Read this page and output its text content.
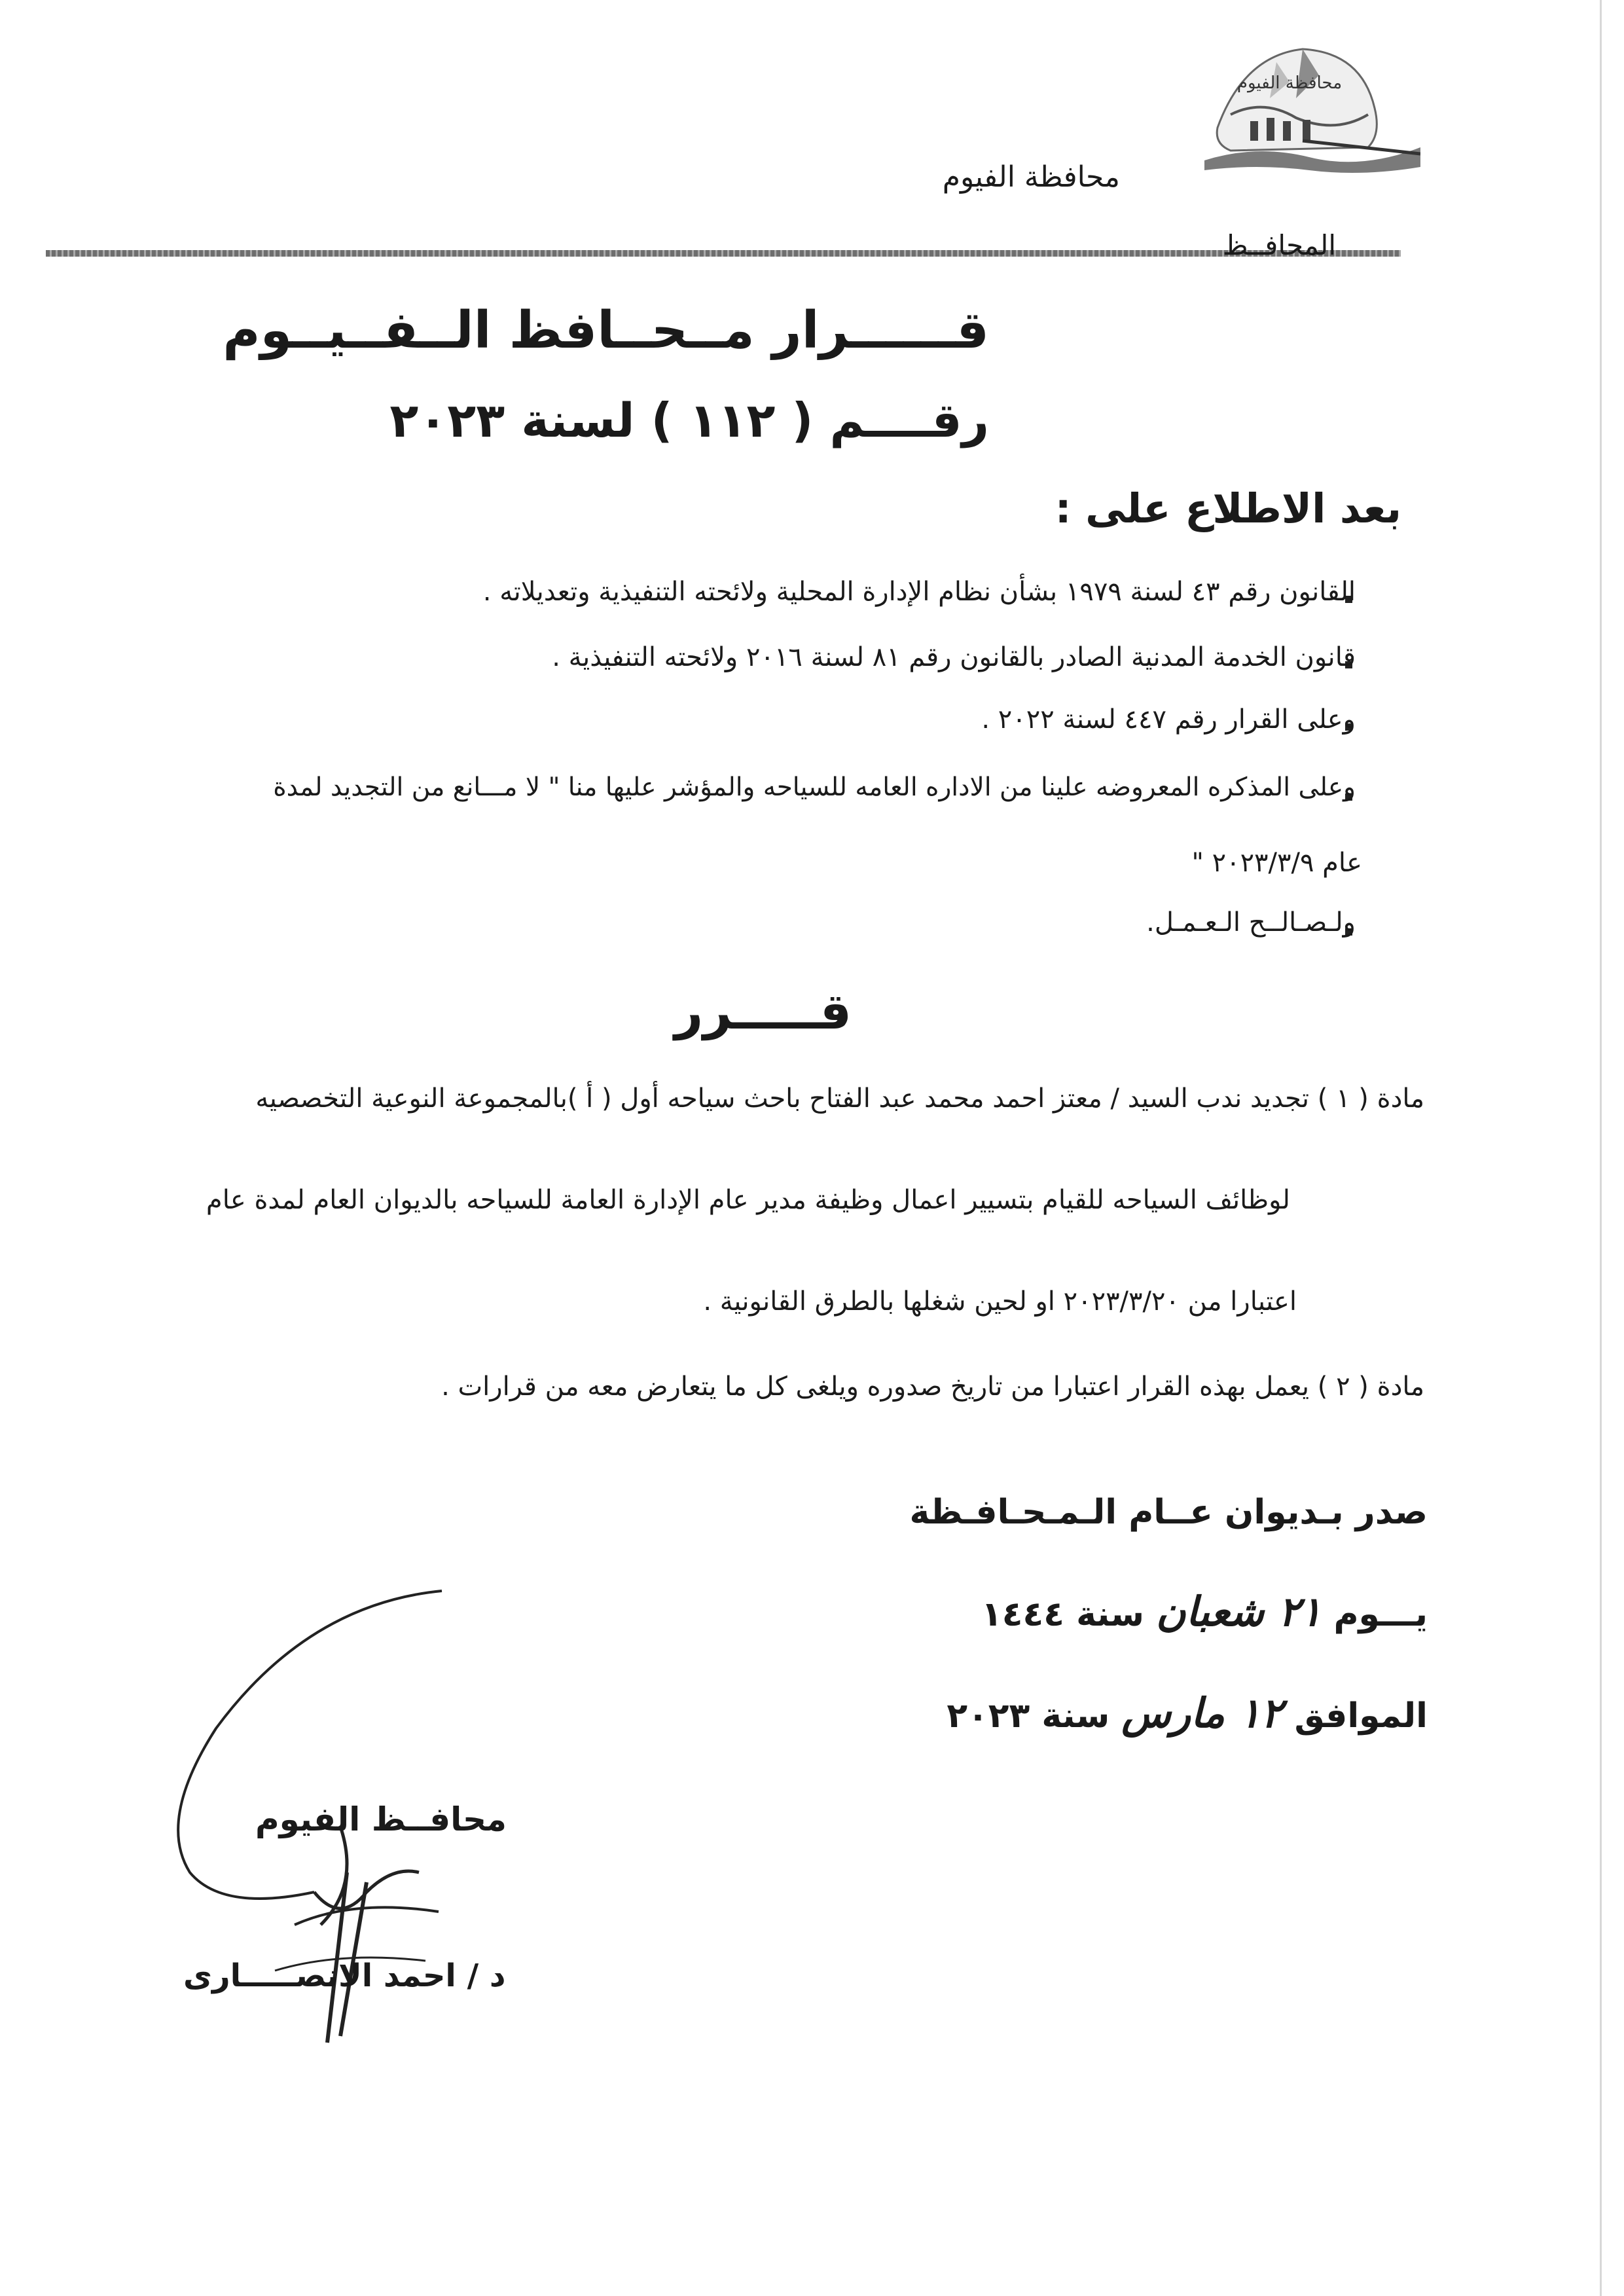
محافظة الفيوم
محافظة الفيوم
المحافــظ
قــــــرار مــحــافظ الــفــيــوم
رقــــم ( ١١٢ ) لسنة ٢٠٢٣
بعد الاطلاع على :
القانون رقم ٤٣ لسنة ١٩٧٩ بشأن نظام الإدارة المحلية ولائحته التنفيذية وتعديلاته .
قانون الخدمة المدنية الصادر بالقانون رقم ٨١ لسنة ٢٠١٦ ولائحته التنفيذية .
وعلى القرار رقم ٤٤٧ لسنة ٢٠٢٢ .
وعلى المذكره المعروضه علينا من الاداره العامه للسياحه والمؤشر عليها منا " لا مـــانع من التجديد لمدة
عام ٢٠٢٣/٣/٩ "
ولـصـالــح الـعـمـل.
قـــــرر
مادة ( ١ ) تجديد ندب السيد / معتز احمد محمد عبد الفتاح باحث سياحه أول ( أ )بالمجموعة النوعية التخصصيه
لوظائف السياحه للقيام بتسيير اعمال وظيفة مدير عام الإدارة العامة للسياحه بالديوان العام لمدة عام
اعتبارا من ٢٠٢٣/٣/٢٠ او لحين شغلها بالطرق القانونية .
مادة ( ٢ ) يعمل بهذه القرار اعتبارا من تاريخ صدوره ويلغى كل ما يتعارض معه من قرارات .
صدر بـديوان عــام الـمـحـافـظة
يـــوم ٢١ شعبان سنة ١٤٤٤
الموافق ١٢ مارس سنة ٢٠٢٣
محافــظ الفيوم
د / احمد الانصـــــارى
